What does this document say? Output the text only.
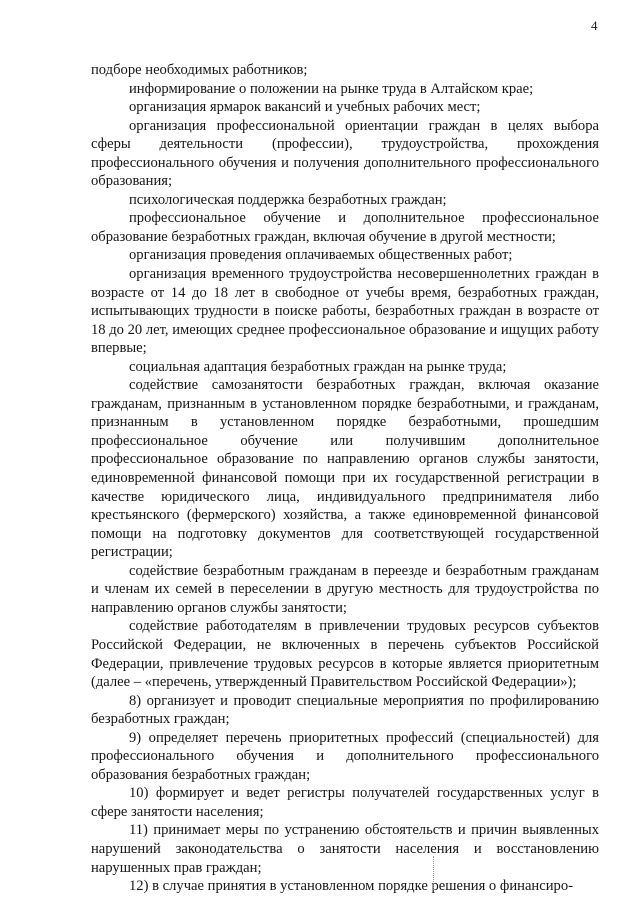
4

подборе необходимых работников;

информирование о положении на рынке труда в Алтайском крае;

организация ярмарок вакансий и учебных рабочих мест;

организация профессиональной ориентации граждан в целях выбора сферы деятельности (профессии), трудоустройства, прохождения профессионального обучения и получения дополнительного профессионального образования;

психологическая поддержка безработных граждан;

профессиональное обучение и дополнительное профессиональное образование безработных граждан, включая обучение в другой местности;

организация проведения оплачиваемых общественных работ;

организация временного трудоустройства несовершеннолетних граждан в возрасте от 14 до 18 лет в свободное от учебы время, безработных граждан, испытывающих трудности в поиске работы, безработных граждан в возрасте от 18 до 20 лет, имеющих среднее профессиональное образование и ищущих работу впервые;

социальная адаптация безработных граждан на рынке труда;

содействие самозанятости безработных граждан, включая оказание гражданам, признанным в установленном порядке безработными, и гражданам, признанным в установленном порядке безработными, прошедшим профессиональное обучение или получившим дополнительное профессиональное образование по направлению органов службы занятости, единовременной финансовой помощи при их государственной регистрации в качестве юридического лица, индивидуального предпринимателя либо крестьянского (фермерского) хозяйства, а также единовременной финансовой помощи на подготовку документов для соответствующей государственной регистрации;

содействие безработным гражданам в переезде и безработным гражданам и членам их семей в переселении в другую местность для трудоустройства по направлению органов службы занятости;

содействие работодателям в привлечении трудовых ресурсов субъектов Российской Федерации, не включенных в перечень субъектов Российской Федерации, привлечение трудовых ресурсов в которые является приоритетным (далее – «перечень, утвержденный Правительством Российской Федерации»);

8) организует и проводит специальные мероприятия по профилированию безработных граждан;

9) определяет перечень приоритетных профессий (специальностей) для профессионального обучения и дополнительного профессионального образования безработных граждан;

10) формирует и ведет регистры получателей государственных услуг в сфере занятости населения;

11) принимает меры по устранению обстоятельств и причин выявленных нарушений законодательства о занятости населения и восстановлению нарушенных прав граждан;

12) в случае принятия в установленном порядке решения о финансиро-
